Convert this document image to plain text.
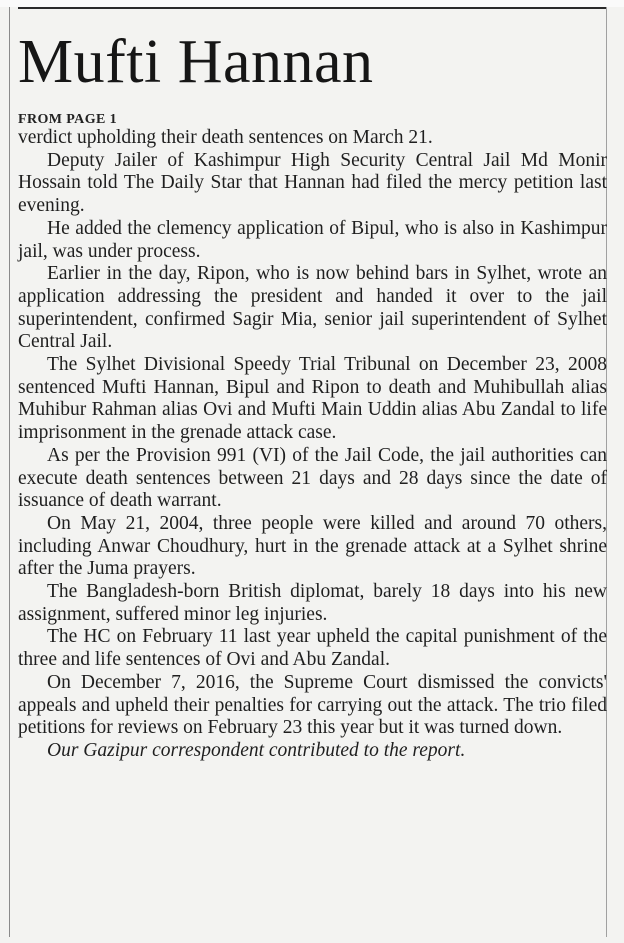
Mufti Hannan
FROM PAGE 1

verdict upholding their death sentences on March 21.

Deputy Jailer of Kashimpur High Security Central Jail Md Monir Hossain told The Daily Star that Hannan had filed the mercy petition last evening.

He added the clemency application of Bipul, who is also in Kashimpur jail, was under process.

Earlier in the day, Ripon, who is now behind bars in Sylhet, wrote an application addressing the president and handed it over to the jail superintendent, confirmed Sagir Mia, senior jail superintendent of Sylhet Central Jail.

The Sylhet Divisional Speedy Trial Tribunal on December 23, 2008 sentenced Mufti Hannan, Bipul and Ripon to death and Muhibullah alias Muhibur Rahman alias Ovi and Mufti Main Uddin alias Abu Zandal to life imprisonment in the grenade attack case.

As per the Provision 991 (VI) of the Jail Code, the jail authorities can execute death sentences between 21 days and 28 days since the date of issuance of death warrant.

On May 21, 2004, three people were killed and around 70 others, including Anwar Choudhury, hurt in the grenade attack at a Sylhet shrine after the Juma prayers.

The Bangladesh-born British diplomat, barely 18 days into his new assignment, suffered minor leg injuries.

The HC on February 11 last year upheld the capital punishment of the three and life sentences of Ovi and Abu Zandal.

On December 7, 2016, the Supreme Court dismissed the convicts' appeals and upheld their penalties for carrying out the attack. The trio filed petitions for reviews on February 23 this year but it was turned down.

Our Gazipur correspondent contributed to the report.
